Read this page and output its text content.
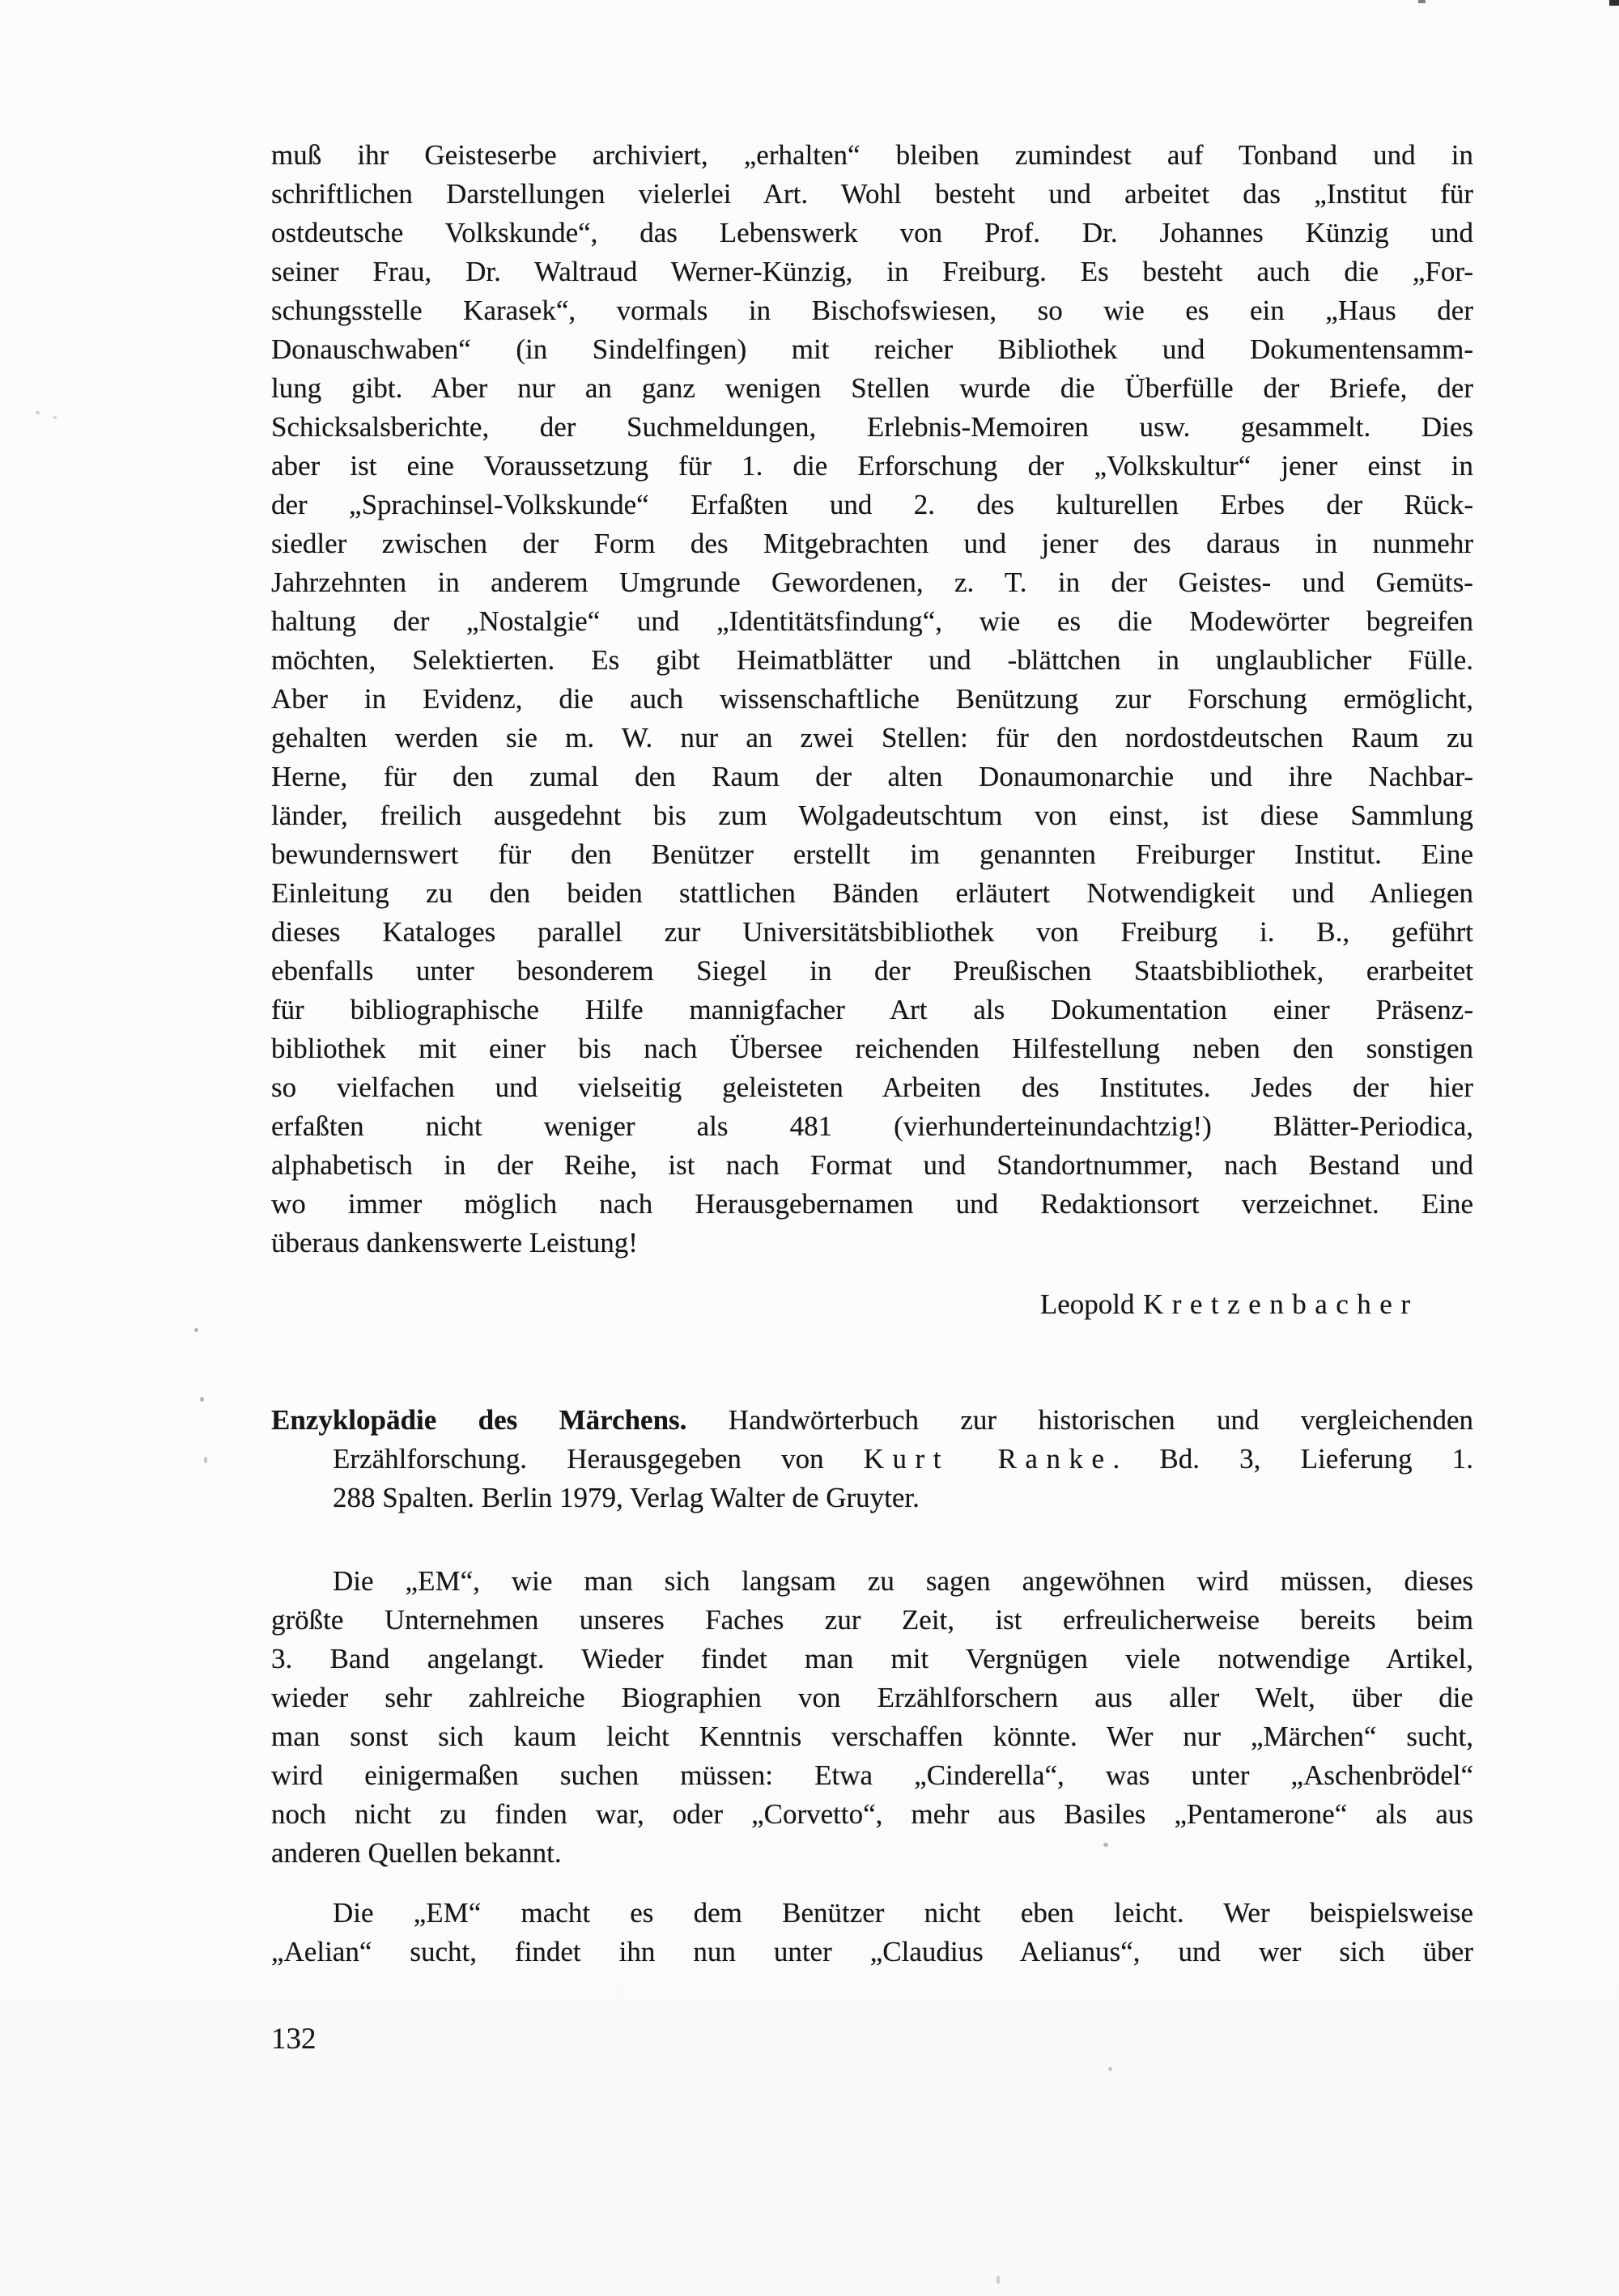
muß ihr Geisteserbe archiviert, „erhalten“ bleiben zumindest auf Tonband und in
schriftlichen Darstellungen vielerlei Art. Wohl besteht und arbeitet das „Institut für
ostdeutsche Volkskunde“, das Lebenswerk von Prof. Dr. Johannes Künzig und
seiner Frau, Dr. Waltraud Werner-Künzig, in Freiburg. Es besteht auch die „For-
schungsstelle Karasek“, vormals in Bischofswiesen, so wie es ein „Haus der
Donauschwaben“ (in Sindelfingen) mit reicher Bibliothek und Dokumentensamm-
lung gibt. Aber nur an ganz wenigen Stellen wurde die Überfülle der Briefe, der
Schicksalsberichte, der Suchmeldungen, Erlebnis-Memoiren usw. gesammelt. Dies
aber ist eine Voraussetzung für 1. die Erforschung der „Volkskultur“ jener einst in
der „Sprachinsel-Volkskunde“ Erfaßten und 2. des kulturellen Erbes der Rück-
siedler zwischen der Form des Mitgebrachten und jener des daraus in nunmehr
Jahrzehnten in anderem Umgrunde Gewordenen, z. T. in der Geistes- und Gemüts-
haltung der „Nostalgie“ und „Identitätsfindung“, wie es die Modewörter begreifen
möchten, Selektierten. Es gibt Heimatblätter und -blättchen in unglaublicher Fülle.
Aber in Evidenz, die auch wissenschaftliche Benützung zur Forschung ermöglicht,
gehalten werden sie m. W. nur an zwei Stellen: für den nordostdeutschen Raum zu
Herne, für den zumal den Raum der alten Donaumonarchie und ihre Nachbar-
länder, freilich ausgedehnt bis zum Wolgadeutschtum von einst, ist diese Sammlung
bewundernswert für den Benützer erstellt im genannten Freiburger Institut. Eine
Einleitung zu den beiden stattlichen Bänden erläutert Notwendigkeit und Anliegen
dieses Kataloges parallel zur Universitätsbibliothek von Freiburg i. B., geführt
ebenfalls unter besonderem Siegel in der Preußischen Staatsbibliothek, erarbeitet
für bibliographische Hilfe mannigfacher Art als Dokumentation einer Präsenz-
bibliothek mit einer bis nach Übersee reichenden Hilfestellung neben den sonstigen
so vielfachen und vielseitig geleisteten Arbeiten des Institutes. Jedes der hier
erfaßten nicht weniger als 481 (vierhunderteinundachtzig!) Blätter-Periodica,
alphabetisch in der Reihe, ist nach Format und Standortnummer, nach Bestand und
wo immer möglich nach Herausgebernamen und Redaktionsort verzeichnet. Eine
überaus dankenswerte Leistung!
Leopold Kretzenbacher
Enzyklopädie des Märchens. Handwörterbuch zur historischen und vergleichenden
Erzählforschung. Herausgegeben von Kurt Ranke. Bd. 3, Lieferung 1.
288 Spalten. Berlin 1979, Verlag Walter de Gruyter.
Die „EM“, wie man sich langsam zu sagen angewöhnen wird müssen, dieses
größte Unternehmen unseres Faches zur Zeit, ist erfreulicherweise bereits beim
3. Band angelangt. Wieder findet man mit Vergnügen viele notwendige Artikel,
wieder sehr zahlreiche Biographien von Erzählforschern aus aller Welt, über die
man sonst sich kaum leicht Kenntnis verschaffen könnte. Wer nur „Märchen“ sucht,
wird einigermaßen suchen müssen: Etwa „Cinderella“, was unter „Aschenbrödel“
noch nicht zu finden war, oder „Corvetto“, mehr aus Basiles „Pentamerone“ als aus
anderen Quellen bekannt.
Die „EM“ macht es dem Benützer nicht eben leicht. Wer beispielsweise
„Aelian“ sucht, findet ihn nun unter „Claudius Aelianus“, und wer sich über
132
